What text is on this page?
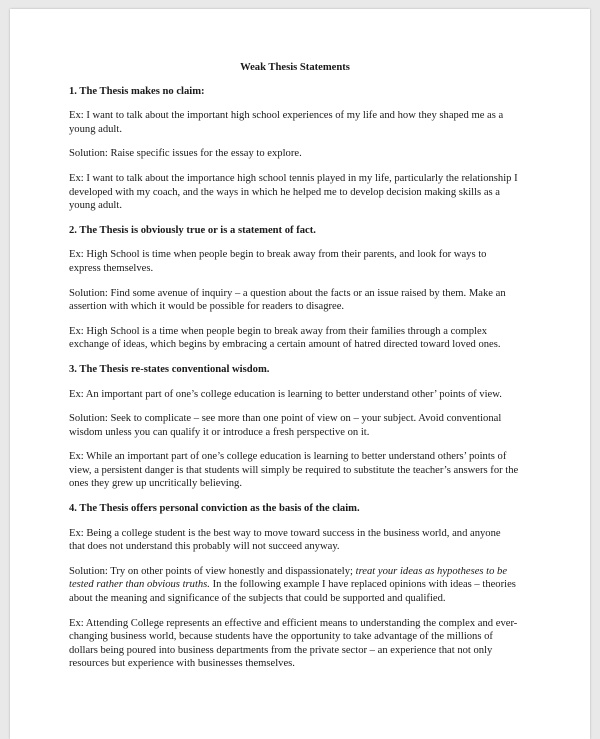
Weak Thesis Statements
1. The Thesis makes no claim:
Ex: I want to talk about the important high school experiences of my life and how they shaped me as a young adult.
Solution: Raise specific issues for the essay to explore.
Ex: I want to talk about the importance high school tennis played in my life, particularly the relationship I developed with my coach, and the ways in which he helped me to develop decision making skills as a young adult.
2. The Thesis is obviously true or is a statement of fact.
Ex: High School is time when people begin to break away from their parents, and look for ways to express themselves.
Solution: Find some avenue of inquiry – a question about the facts or an issue raised by them. Make an assertion with which it would be possible for readers to disagree.
Ex: High School is a time when people begin to break away from their families through a complex exchange of ideas, which begins by embracing a certain amount of hatred directed toward loved ones.
3. The Thesis re-states conventional wisdom.
Ex: An important part of one’s college education is learning to better understand other’ points of view.
Solution: Seek to complicate – see more than one point of view on – your subject. Avoid conventional wisdom unless you can qualify it or introduce a fresh perspective on it.
Ex: While an important part of one’s college education is learning to better understand others’ points of view, a persistent danger is that students will simply be required to substitute the teacher’s answers for the ones they grew up uncritically believing.
4. The Thesis offers personal conviction as the basis of the claim.
Ex: Being a college student is the best way to move toward success in the business world, and anyone that does not understand this probably will not succeed anyway.
Solution: Try on other points of view honestly and dispassionately; treat your ideas as hypotheses to be tested rather than obvious truths. In the following example I have replaced opinions with ideas – theories about the meaning and significance of the subjects that could be supported and qualified.
Ex: Attending College represents an effective and efficient means to understanding the complex and ever-changing business world, because students have the opportunity to take advantage of the millions of dollars being poured into business departments from the private sector – an experience that not only resources but experience with businesses themselves.
